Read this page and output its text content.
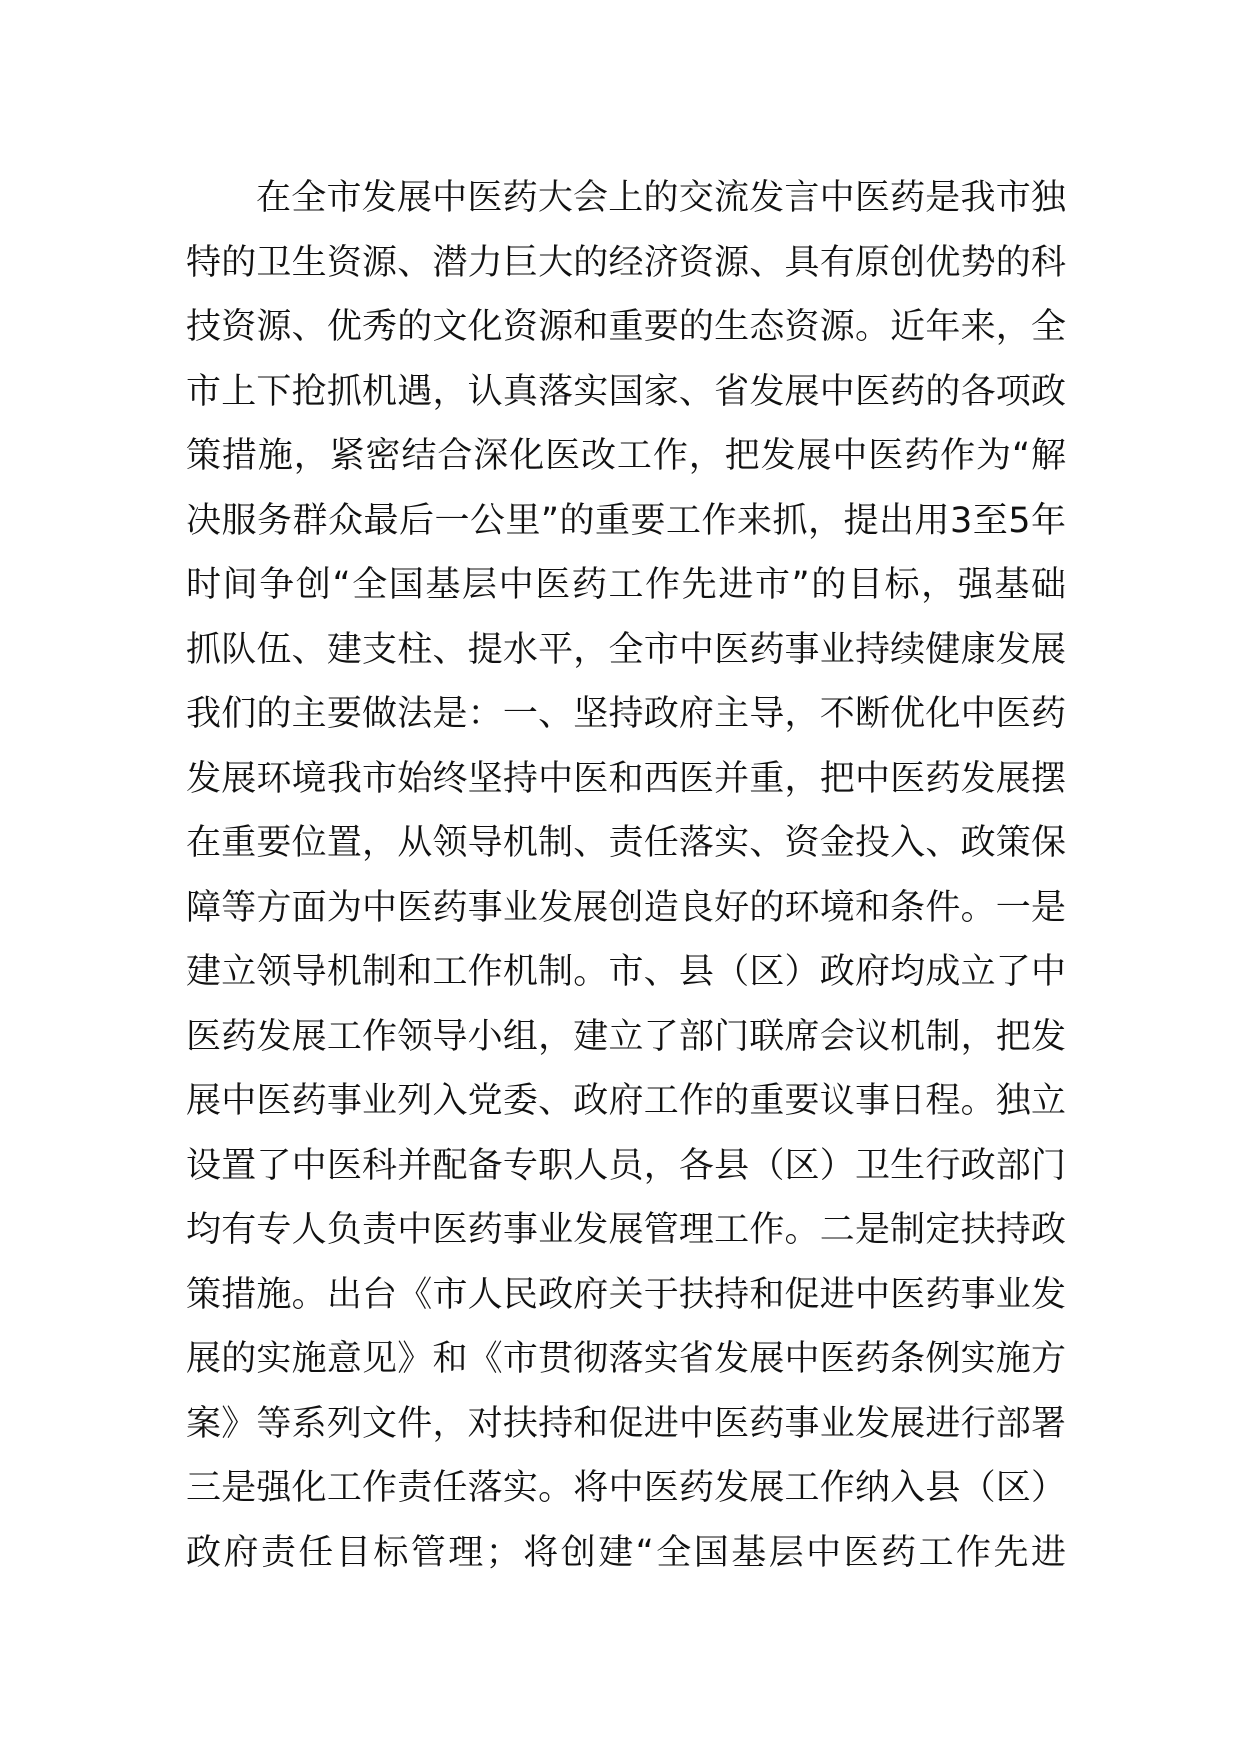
在全市发展中医药大会上的交流发言中医药是我市独
特的卫生资源、潜力巨大的经济资源、具有原创优势的科
技资源、优秀的文化资源和重要的生态资源。近年来，全
市上下抢抓机遇，认真落实国家、省发展中医药的各项政
策措施，紧密结合深化医改工作，把发展中医药作为“解
决服务群众最后一公里”的重要工作来抓，提出用3至5年
时间争创“全国基层中医药工作先进市”的目标，强基础
抓队伍、建支柱、提水平，全市中医药事业持续健康发展
我们的主要做法是：一、坚持政府主导，不断优化中医药
发展环境我市始终坚持中医和西医并重，把中医药发展摆
在重要位置，从领导机制、责任落实、资金投入、政策保
障等方面为中医药事业发展创造良好的环境和条件。一是
建立领导机制和工作机制。市、县（区）政府均成立了中
医药发展工作领导小组，建立了部门联席会议机制，把发
展中医药事业列入党委、政府工作的重要议事日程。独立
设置了中医科并配备专职人员，各县（区）卫生行政部门
均有专人负责中医药事业发展管理工作。二是制定扶持政
策措施。出台《市人民政府关于扶持和促进中医药事业发
展的实施意见》和《市贯彻落实省发展中医药条例实施方
案》等系列文件，对扶持和促进中医药事业发展进行部署
三是强化工作责任落实。将中医药发展工作纳入县（区）
政府责任目标管理；将创建“全国基层中医药工作先进
